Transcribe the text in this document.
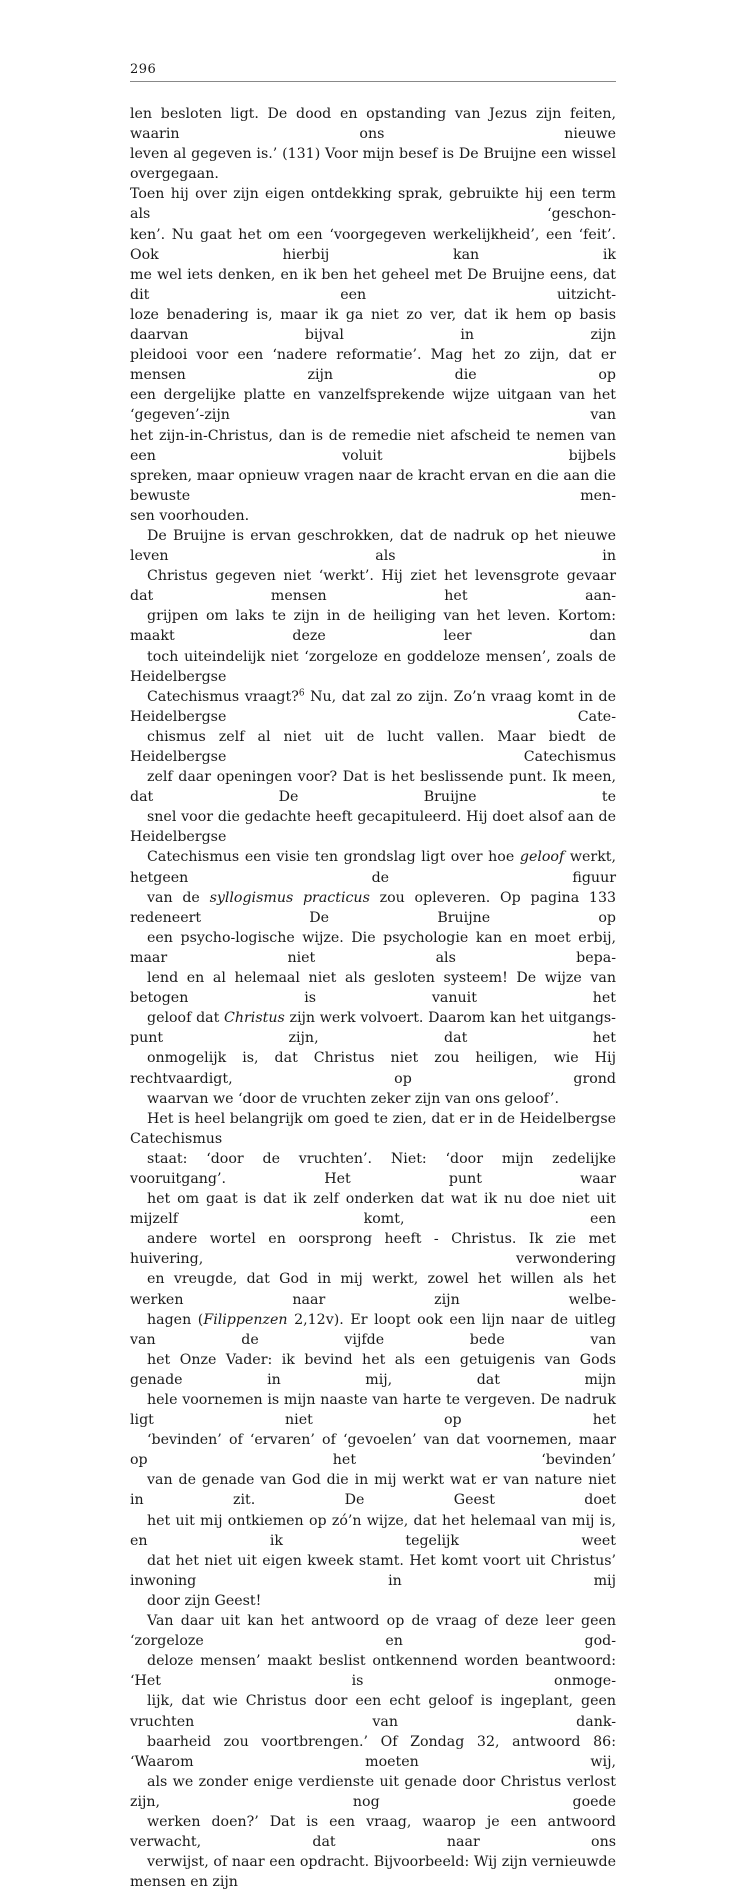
296

len besloten ligt. De dood en opstanding van Jezus zijn feiten, waarin ons nieuwe
leven al gegeven is.’ (131) Voor mijn besef is De Bruijne een wissel overgegaan.
Toen hij over zijn eigen ontdekking sprak, gebruikte hij een term als ‘geschon-
ken’. Nu gaat het om een ‘voorgegeven werkelijkheid’, een ‘feit’. Ook hierbij kan ik
me wel iets denken, en ik ben het geheel met De Bruijne eens, dat dit een uitzicht-
loze benadering is, maar ik ga niet zo ver, dat ik hem op basis daarvan bijval in zijn
pleidooi voor een ‘nadere reformatie’. Mag het zo zijn, dat er mensen zijn die op
een dergelijke platte en vanzelfsprekende wijze uitgaan van het ‘gegeven’-zijn van
het zijn-in-Christus, dan is de remedie niet afscheid te nemen van een voluit bijbels
spreken, maar opnieuw vragen naar de kracht ervan en die aan die bewuste men-
sen voorhouden.

De Bruijne is ervan geschrokken, dat de nadruk op het nieuwe leven als in
Christus gegeven niet ‘werkt’. Hij ziet het levensgrote gevaar dat mensen het aan-
grijpen om laks te zijn in de heiliging van het leven. Kortom: maakt deze leer dan
toch uiteindelijk niet ‘zorgeloze en goddeloze mensen’, zoals de Heidelbergse
Catechismus vraagt?$^6$ Nu, dat zal zo zijn. Zo’n vraag komt in de Heidelbergse Cate-
chismus zelf al niet uit de lucht vallen. Maar biedt de Heidelbergse Catechismus
zelf daar openingen voor? Dat is het beslissende punt. Ik meen, dat De Bruijne te
snel voor die gedachte heeft gecapituleerd. Hij doet alsof aan de Heidelbergse
Catechismus een visie ten grondslag ligt over hoe geloof werkt, hetgeen de figuur
van de syllogismus practicus zou opleveren. Op pagina 133 redeneert De Bruijne op
een psycho-logische wijze. Die psychologie kan en moet erbij, maar niet als bepa-
lend en al helemaal niet als gesloten systeem! De wijze van betogen is vanuit het
geloof dat Christus zijn werk volvoert. Daarom kan het uitgangs-punt zijn, dat het
onmogelijk is, dat Christus niet zou heiligen, wie Hij rechtvaardigt, op grond
waarvan we ‘door de vruchten zeker zijn van ons geloof’.

Het is heel belangrijk om goed te zien, dat er in de Heidelbergse Catechismus
staat: ‘door de vruchten’. Niet: ‘door mijn zedelijke vooruitgang’. Het punt waar
het om gaat is dat ik zelf onderken dat wat ik nu doe niet uit mijzelf komt, een
andere wortel en oorsprong heeft - Christus. Ik zie met huivering, verwondering
en vreugde, dat God in mij werkt, zowel het willen als het werken naar zijn welbe-
hagen (Filippenzen 2,12v). Er loopt ook een lijn naar de uitleg van de vijfde bede van
het Onze Vader: ik bevind het als een getuigenis van Gods genade in mij, dat mijn
hele voornemen is mijn naaste van harte te vergeven. De nadruk ligt niet op het
‘bevinden’ of ‘ervaren’ of ‘gevoelen’ van dat voornemen, maar op het ‘bevinden’
van de genade van God die in mij werkt wat er van nature niet in zit. De Geest doet
het uit mij ontkiemen op zó’n wijze, dat het helemaal van mij is, en ik tegelijk weet
dat het niet uit eigen kweek stamt. Het komt voort uit Christus’ inwoning in mij
door zijn Geest!

Van daar uit kan het antwoord op de vraag of deze leer geen ‘zorgeloze en god-
deloze mensen’ maakt beslist ontkennend worden beantwoord: ‘Het is onmoge-
lijk, dat wie Christus door een echt geloof is ingeplant, geen vruchten van dank-
baarheid zou voortbrengen.’ Of Zondag 32, antwoord 86: ‘Waarom moeten wij,
als we zonder enige verdienste uit genade door Christus verlost zijn, nog goede
werken doen?’ Dat is een vraag, waarop je een antwoord verwacht, dat naar ons
verwijst, of naar een opdracht. Bijvoorbeeld: Wij zijn vernieuwde mensen en zijn
